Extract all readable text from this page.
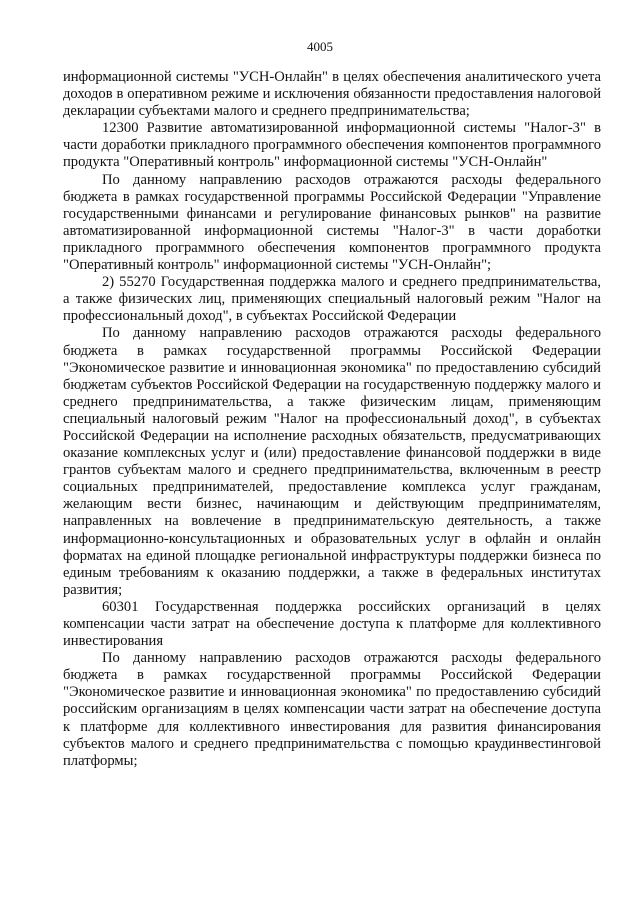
4005

информационной системы "УСН-Онлайн" в целях обеспечения аналитического учета доходов в оперативном режиме и исключения обязанности предоставления налоговой декларации субъектами малого и среднего предпринимательства;

12300 Развитие автоматизированной информационной системы "Налог-3" в части доработки прикладного программного обеспечения компонентов программного продукта "Оперативный контроль" информационной системы "УСН-Онлайн"

По данному направлению расходов отражаются расходы федерального бюджета в рамках государственной программы Российской Федерации "Управление государственными финансами и регулирование финансовых рынков" на развитие автоматизированной информационной системы "Налог-3" в части доработки прикладного программного обеспечения компонентов программного продукта "Оперативный контроль" информационной системы "УСН-Онлайн";

2) 55270 Государственная поддержка малого и среднего предпринимательства, а также физических лиц, применяющих специальный налоговый режим "Налог на профессиональный доход", в субъектах Российской Федерации

По данному направлению расходов отражаются расходы федерального бюджета в рамках государственной программы Российской Федерации "Экономическое развитие и инновационная экономика" по предоставлению субсидий бюджетам субъектов Российской Федерации на государственную поддержку малого и среднего предпринимательства, а также физическим лицам, применяющим специальный налоговый режим "Налог на профессиональный доход", в субъектах Российской Федерации на исполнение расходных обязательств, предусматривающих оказание комплексных услуг и (или) предоставление финансовой поддержки в виде грантов субъектам малого и среднего предпринимательства, включенным в реестр социальных предпринимателей, предоставление комплекса услуг гражданам, желающим вести бизнес, начинающим и действующим предпринимателям, направленных на вовлечение в предпринимательскую деятельность, а также информационно-консультационных и образовательных услуг в офлайн и онлайн форматах на единой площадке региональной инфраструктуры поддержки бизнеса по единым требованиям к оказанию поддержки, а также в федеральных институтах развития;

60301 Государственная поддержка российских организаций в целях компенсации части затрат на обеспечение доступа к платформе для коллективного инвестирования

По данному направлению расходов отражаются расходы федерального бюджета в рамках государственной программы Российской Федерации "Экономическое развитие и инновационная экономика" по предоставлению субсидий российским организациям в целях компенсации части затрат на обеспечение доступа к платформе для коллективного инвестирования для развития финансирования субъектов малого и среднего предпринимательства с помощью краудинвестинговой платформы;
